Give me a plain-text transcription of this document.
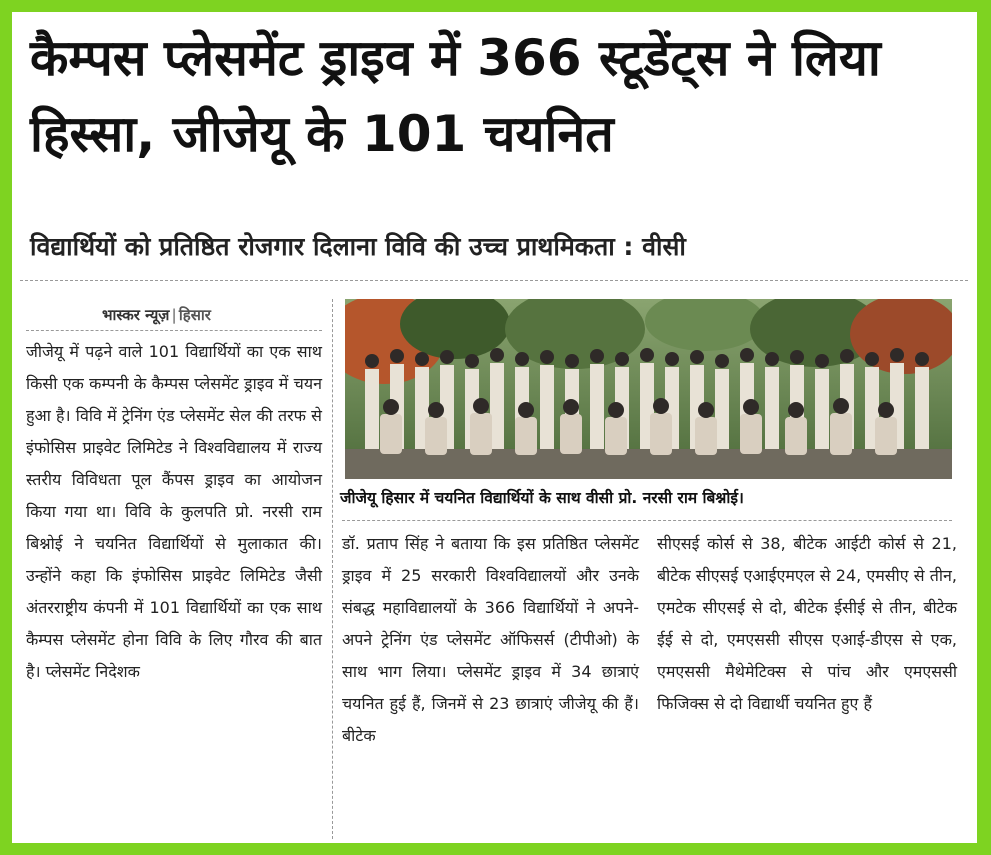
कैम्पस प्लेसमेंट ड्राइव में 366 स्टूडेंट्स ने लिया हिस्सा, जीजेयू के 101 चयनित
विद्यार्थियों को प्रतिष्ठित रोजगार दिलाना विवि की उच्च प्राथमिकता : वीसी
भास्कर न्यूज़ | हिसार

जीजेयू में पढ़ने वाले 101 विद्यार्थियों का एक साथ किसी एक कम्पनी के कैम्पस प्लेसमेंट ड्राइव में चयन हुआ है। विवि में ट्रेनिंग एंड प्लेसमेंट सेल की तरफ से इंफोसिस प्राइवेट लिमिटेड ने विश्वविद्यालय में राज्य स्तरीय विविधता पूल कैंपस ड्राइव का आयोजन किया गया था। विवि के कुलपति प्रो. नरसी राम बिश्नोई ने चयनित विद्यार्थियों से मुलाकात की। उन्होंने कहा कि इंफोसिस प्राइवेट लिमिटेड जैसी अंतरराष्ट्रीय कंपनी में 101 विद्यार्थियों का एक साथ कैम्पस प्लेसमेंट होना विवि के लिए गौरव की बात है। प्लेसमेंट निदेशक

जीजेयू हिसार में चयनित विद्यार्थियों के साथ वीसी प्रो. नरसी राम बिश्नोई।

डॉ. प्रताप सिंह ने बताया कि इस प्रतिष्ठित प्लेसमेंट ड्राइव में 25 सरकारी विश्वविद्यालयों और उनके संबद्ध महाविद्यालयों के 366 विद्यार्थियों ने अपने-अपने ट्रेनिंग एंड प्लेसमेंट ऑफिसर्स (टीपीओ) के साथ भाग लिया। प्लेसमेंट ड्राइव में 34 छात्राएं चयनित हुई हैं, जिनमें से 23 छात्राएं जीजेयू की हैं। बीटेक

सीएसई कोर्स से 38, बीटेक आईटी कोर्स से 21, बीटेक सीएसई एआईएमएल से 24, एमसीए से तीन, एमटेक सीएसई से दो, बीटेक ईसीई से तीन, बीटेक ईई से दो, एमएससी सीएस एआई-डीएस से एक, एमएससी मैथेमेटिक्स से पांच और एमएससी फिजिक्स से दो विद्यार्थी चयनित हुए हैं
